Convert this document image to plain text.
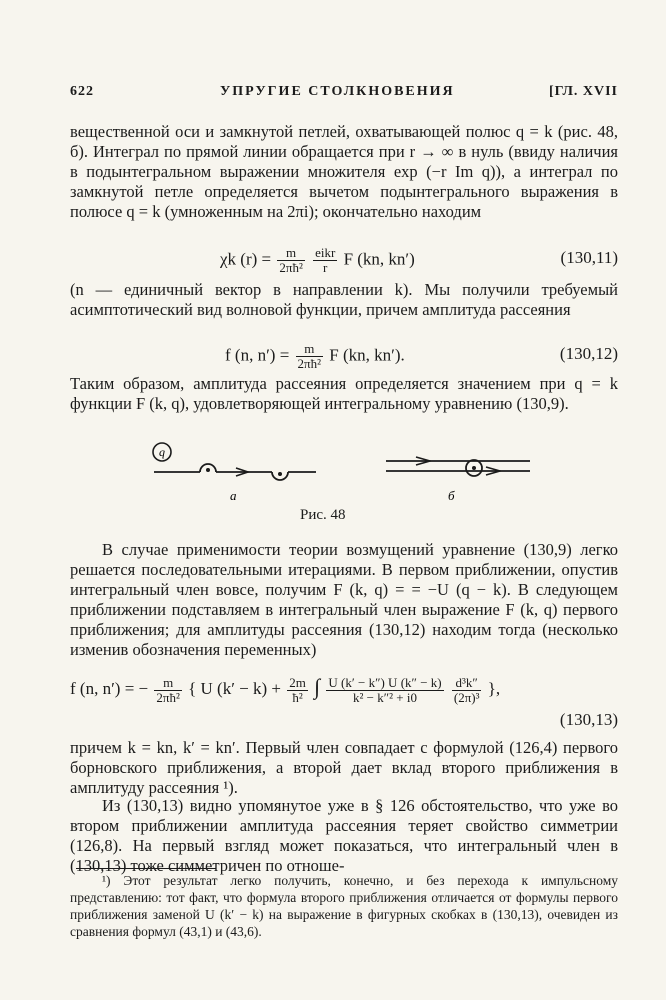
622	УПРУГИЕ СТОЛКНОВЕНИЯ	[ГЛ. XVII
вещественной оси и замкнутой петлей, охватывающей полюс q = k (рис. 48, б). Интеграл по прямой линии обращается при r → ∞ в нуль (ввиду наличия в подынтегральном выражении множителя exp (−r Im q)), а интеграл по замкнутой петле определяется вычетом подынтегрального выражения в полюсе q = k (умноженным на 2πi); окончательно находим
χk $(r) = \frac{m}{\text{2πħ²}}$
$\frac{\text{eikr}}{r}$ F (kn, kn′)	(130,11)
(n — единичный вектор в направлении k). Мы получили требуемый асимптотический вид волновой функции, причем амплитуда рассеяния
f (n, $n') = \frac{m}{\text{2πħ²}}$ F (kn, kn′).	(130,12)
Таким образом, амплитуда рассеяния определяется значением при q = k функции F (k, q), удовлетворяющей интегральному уравнению (130,9).
q
а	б
Рис. 48
В случае применимости теории возмущений уравнение (130,9) легко решается последовательными итерациями. В первом приближении, опустив интегральный член вовсе, получим F (k, q) = = −U (q − k). В следующем приближении подставляем в интегральный член выражение F (k, q) первого приближения; для амплитуды рассеяния (130,12) находим тогда (несколько изменив обозначения переменных)
f (n, n′) = − $\frac{m}{\text{2πħ²}}$ { U $(k' - k) + \frac{2m}{\text{ħ²}}$ ∫ $\frac{U (k' - k'') U (k'' - k)}{\text{k² − k″² + i0}}$
$\frac{\text{d³k″}}{\text{(2π)³}}$ },
(130,13)
причем k = kn, k′ = kn′. Первый член совпадает с формулой (126,4) первого борновского приближения, а второй дает вклад второго приближения в амплитуду рассеяния ¹).
Из (130,13) видно упомянутое уже в § 126 обстоятельство, что уже во втором приближении амплитуда рассеяния теряет свойство симметрии (126,8). На первый взгляд может показаться, что интегральный член в (130,13) тоже симметричен по отноше-
¹) Этот результат легко получить, конечно, и без перехода к импульсному представлению: тот факт, что формула второго приближения отличается от формулы первого приближения заменой U (k′ − k) на выражение в фигурных скобках в (130,13), очевиден из сравнения формул (43,1) и (43,6).
